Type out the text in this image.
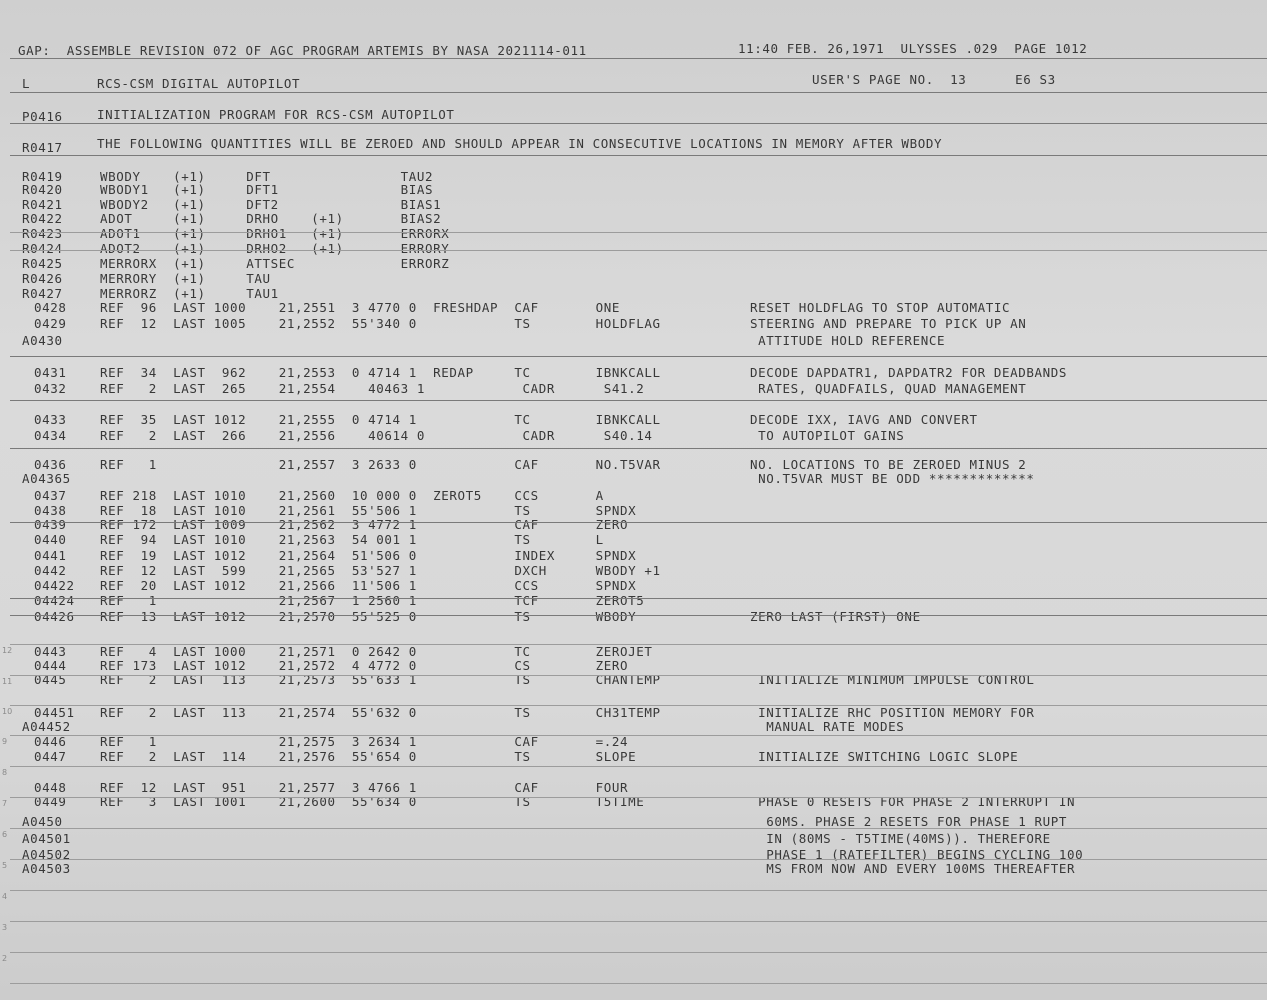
GAP:  ASSEMBLE REVISION 072 OF AGC PROGRAM ARTEMIS BY NASA 2021114-011	11:40 FEB. 26,1971  ULYSSES .029  PAGE 1012
L	RCS-CSM DIGITAL AUTOPILOT	USER'S PAGE NO.  13      E6 S3
P0416	INITIALIZATION PROGRAM FOR RCS-CSM AUTOPILOT
R0417	THE FOLLOWING QUANTITIES WILL BE ZEROED AND SHOULD APPEAR IN CONSECUTIVE LOCATIONS IN MEMORY AFTER WBODY
R0419	WBODY    (+1)     DFT                TAU2
R0420	WBODY1   (+1)     DFT1               BIAS
R0421	WBODY2   (+1)     DFT2               BIAS1
R0422	ADOT     (+1)     DRHO    (+1)       BIAS2
R0423	ADOT1    (+1)     DRHO1   (+1)       ERRORX
R0424	ADOT2    (+1)     DRHO2   (+1)       ERRORY
R0425	MERRORX  (+1)     ATTSEC             ERRORZ
R0426	MERRORY  (+1)     TAU
R0427	MERRORZ  (+1)     TAU1
0428	REF  96  LAST 1000    21,2551  3 4770 0  FRESHDAP  CAF       ONE                RESET HOLDFLAG TO STOP AUTOMATIC
0429	REF  12  LAST 1005    21,2552  55'340 0            TS        HOLDFLAG           STEERING AND PREPARE TO PICK UP AN
A0430	ATTITUDE HOLD REFERENCE
0431	REF  34  LAST  962    21,2553  0 4714 1  REDAP     TC        IBNKCALL           DECODE DAPDATR1, DAPDATR2 FOR DEADBANDS
0432	REF   2  LAST  265    21,2554    40463 1            CADR      S41.2              RATES, QUADFAILS, QUAD MANAGEMENT
0433	REF  35  LAST 1012    21,2555  0 4714 1            TC        IBNKCALL           DECODE IXX, IAVG AND CONVERT
0434	REF   2  LAST  266    21,2556    40614 0            CADR      S40.14             TO AUTOPILOT GAINS
0436	REF   1               21,2557  3 2633 0            CAF       NO.T5VAR           NO. LOCATIONS TO BE ZEROED MINUS 2
A04365 NO.T5VAR MUST BE ODD *************
0437	REF 218  LAST 1010    21,2560  10 000 0  ZEROT5    CCS       A
0438	REF  18  LAST 1010    21,2561  55'506 1            TS        SPNDX
0439	REF 172  LAST 1009    21,2562  3 4772 1            CAF       ZERO
0440	REF  94  LAST 1010    21,2563  54 001 1            TS        L
0441	REF  19  LAST 1012    21,2564  51'506 0            INDEX     SPNDX
0442	REF  12  LAST  599    21,2565  53'527 1            DXCH      WBODY +1
04422 REF  20  LAST 1012    21,2566  11'506 1            CCS       SPNDX
04424 REF   1               21,2567  1 2560 1            TCF       ZEROT5
04426 REF  13  LAST 1012    21,2570  55'525 0            TS        WBODY              ZERO LAST (FIRST) ONE
0443	REF   4  LAST 1000    21,2571  0 2642 0            TC        ZEROJET
0444	REF 173  LAST 1012    21,2572  4 4772 0            CS        ZERO
0445	REF   2  LAST  113    21,2573  55'633 1            TS        CHANTEMP            INITIALIZE MINIMUM IMPULSE CONTROL
04451 REF   2  LAST  113    21,2574  55'632 0            TS        CH31TEMP            INITIALIZE RHC POSITION MEMORY FOR
A04452 MANUAL RATE MODES
0446	REF   1               21,2575  3 2634 1            CAF       =.24
0447	REF   2  LAST  114    21,2576  55'654 0            TS        SLOPE               INITIALIZE SWITCHING LOGIC SLOPE
0448	REF  12  LAST  951    21,2577  3 4766 1            CAF       FOUR
0449	REF   3  LAST 1001    21,2600  55'634 0            TS        T5TIME              PHASE 0 RESETS FOR PHASE 2 INTERRUPT IN
A0450	60MS. PHASE 2 RESETS FOR PHASE 1 RUPT
A04501 IN (80MS - T5TIME(40MS)). THEREFORE
A04502 PHASE 1 (RATEFILTER) BEGINS CYCLING 100
A04503 MS FROM NOW AND EVERY 100MS THEREAFTER
12
11
10
9
8
7
6
5
4
3
2
